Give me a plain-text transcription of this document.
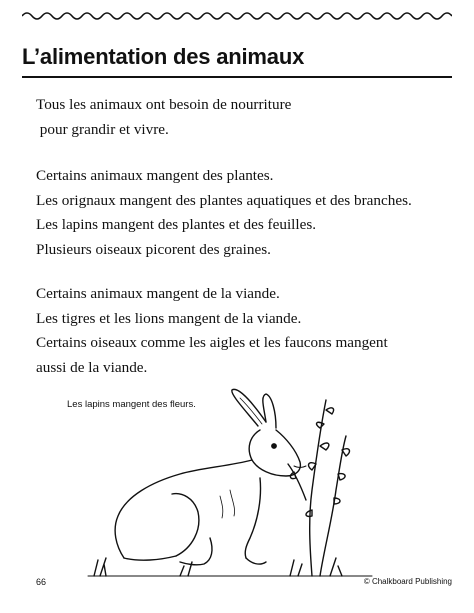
L’alimentation des animaux
Tous les animaux ont besoin de nourriture
pour grandir et vivre.
Certains animaux mangent des plantes.
Les orignaux mangent des plantes aquatiques et des branches.
Les lapins mangent des plantes et des feuilles.
Plusieurs oiseaux picorent des graines.
Certains animaux mangent de la viande.
Les tigres et les lions mangent de la viande.
Certains oiseaux comme les aigles et les faucons mangent
aussi de la viande.
Les lapins mangent des fleurs.
66	© Chalkboard Publishing
